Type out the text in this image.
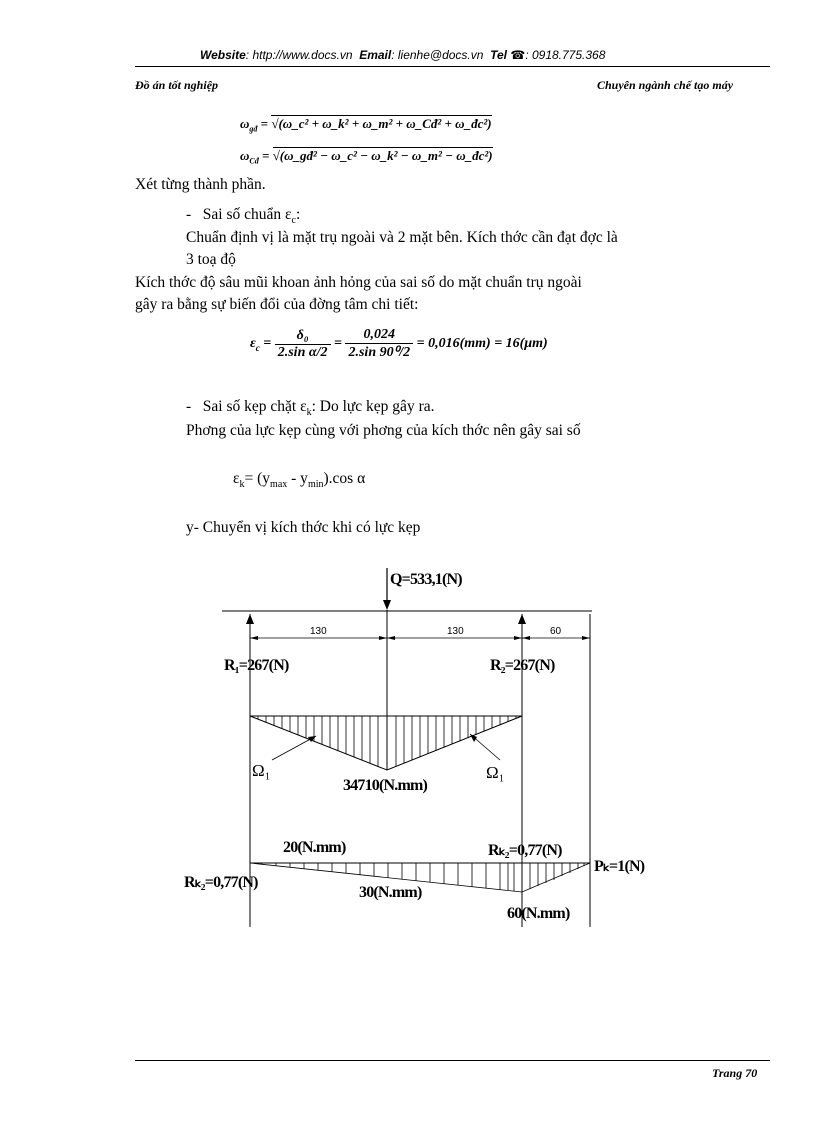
Website: http://www.docs.vn Email: lienhe@docs.vn Tel ☎: 0918.775.368
Đồ án tốt nghiệp	Chuyên ngành chế tạo máy
$\omega_{gđ}$ = √(ω_c² + ω_k² + ω_m² + ω_Cđ² + ω_đc²)
$\omega_{Cđ}$ = √(ω_gđ² − ω_c² − ω_k² − ω_m² − ω_đc²)
Xét từng thành phần.
-   Sai số chuẩn $\varepsilon_c$:
Chuẩn định vị là mặt trụ ngoài và 2 mặt bên. Kích thớc cần đạt đợc là
3 toạ độ
Kích thớc độ sâu mũi khoan ảnh hỏng của sai số do mặt chuẩn trụ ngoài
gây ra bằng sự biến đổi của đờng tâm chi tiết:
$\varepsilon_c = \frac{\text{δ₀}}{\text{2.sin α/2}} = \frac{0,024}{\text{2.sin 90⁰/2}} = 0,016(mm) = 16(\mu m)$
-   Sai số kẹp chặt $\varepsilon_k$: Do lực kẹp gây ra.
Phơng của lực kẹp cùng với phơng của kích thớc nên gây sai số
$\varepsilon_k= (y_{max} - y_{min}).\cos$ α
y- Chuyển vị kích thớc khi có lực kẹp
Q=533,1(N)
130	130	60
R₁=267(N)	R₂=267(N)
Ω₁	Ω₁
34710(N.mm)
20(N.mm)	Rₖ₂=0,77(N)
Pₖ=1(N)
Rₖ₂=0,77(N)
30(N.mm)
60(N.mm)
Trang 70
